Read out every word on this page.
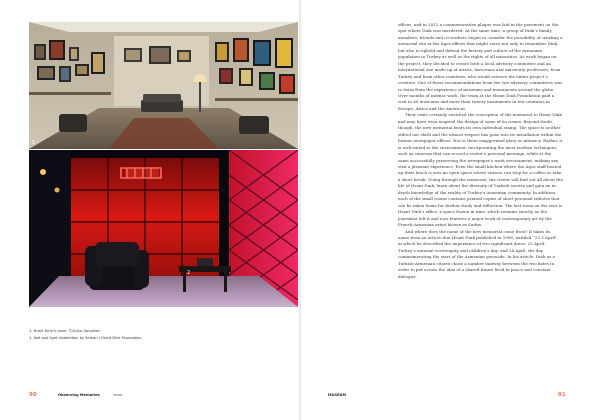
1
2
1. Hrant Dink’s room, ©Sulyo Gonzáles
2. Salt and light installation by Serkan / Hrant Dink Foundation

offices, and in 2012 a commemorative plaque was laid in the pavement on the spot where Dink was murdered. At the same time, a group of Dink’s family members, friends and co-workers began to consider the possibility of creating a memorial site at the Agos offices that might serve not only to remember Dink, but also to uphold and defend the history and culture of the Armenian population in Turkey as well as the rights of all minorities. As work began on the project, they decided to create both a local advisory committee and an international one made up of artists, historians and university professors, from Turkey and from other countries, who would oversee the entire project’s creation. One of these recommendations from the two advisory committees was to learn from the experience of museums and monuments around the globe. Over months of intense work, the team at the Hrant Dink Foundation paid a visit to 65 museums and more than twenty monuments in ten countries in Europe, Africa and the Americas.

Their visits certainly enriched the conception of the memorial to Hrant Dink and may have even inspired the design of some of its rooms. Beyond doubt, though, the new memorial bears its own individual stamp. The space is neither stilted nor shrill and the utmost respect has gone into its installation within the former newspaper offices. Nor is there exaggerated glory or intimacy. Rather, it is well-suited to the environment, incorporating the most modern techniques, such as cameras that can record a visitor’s personal message, while at the same successfully preserving the newspaper’s work environment, making any visit a pleasant experience. Even the small kitchen where the Agos staff heated up their lunch is now an open space where visitors can stop for a coffee or take a short break. Going through the memorial, the visitor will find out all about the life of Hrant Dink, learn about the diversity of Turkish society and gain an in-depth knowledge of the reality of Turkey’s Armenian community. In addition, each of the small rooms contains printed copies of short personal tributes that can be taken home for further study and reflection. The last room on the visit is Hrant Dink’s office, a space frozen in time, which remains exactly as the journalist left it and now features a major work of contemporary art by the French-Armenian artist known as Sarkis.

And where does the name of the new memorial come from? It takes its name from an article that Hrant Dink published in 1996, entitled “23.5 April”, in which he described the importance of two significant dates: 23 April, Turkey’s national sovereignty and children’s day, and 24 April, the day commemorating the start of the Armenian genocide. In his article, Dink as a Turkish-Armenian citizen chose a number midway between the two dates in order to put across the idea of a shared future lived in peace and constant dialogue.

90	Observing Memories	issue	MUSEUM	91
